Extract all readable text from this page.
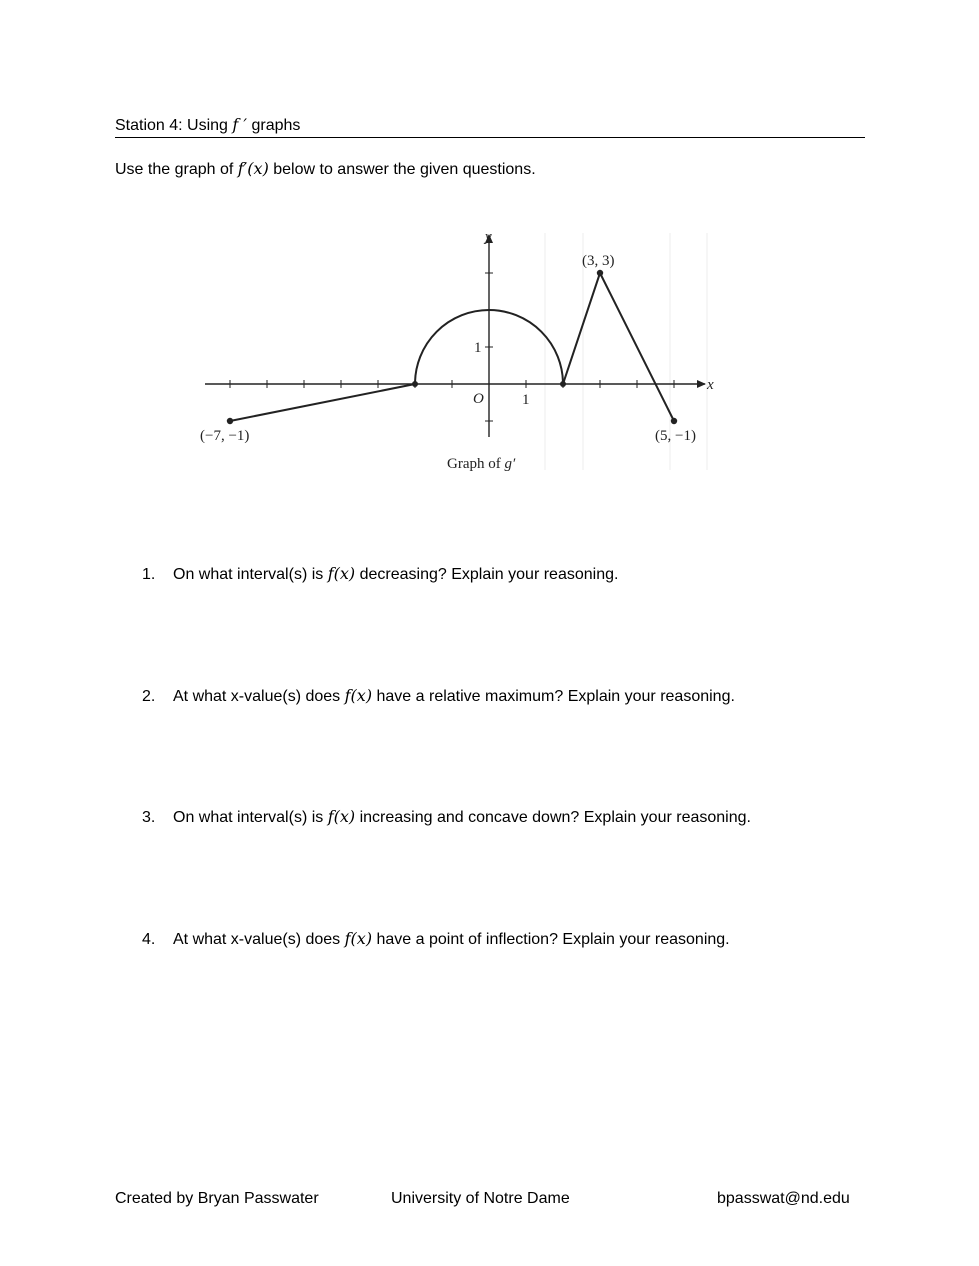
Station 4: Using f ′ graphs
Use the graph of f′(x) below to answer the given questions.
y
x
O	1
1
(−7, −1)
(3, 3)
(5, −1)
Graph of g′
1. On what interval(s) is f(x) decreasing? Explain your reasoning.
2. At what x-value(s) does f(x) have a relative maximum? Explain your reasoning.
3. On what interval(s) is f(x) increasing and concave down? Explain your reasoning.
4. At what x-value(s) does f(x) have a point of inflection? Explain your reasoning.
Created by Bryan Passwater	University of Notre Dame	bpasswat@nd.edu
